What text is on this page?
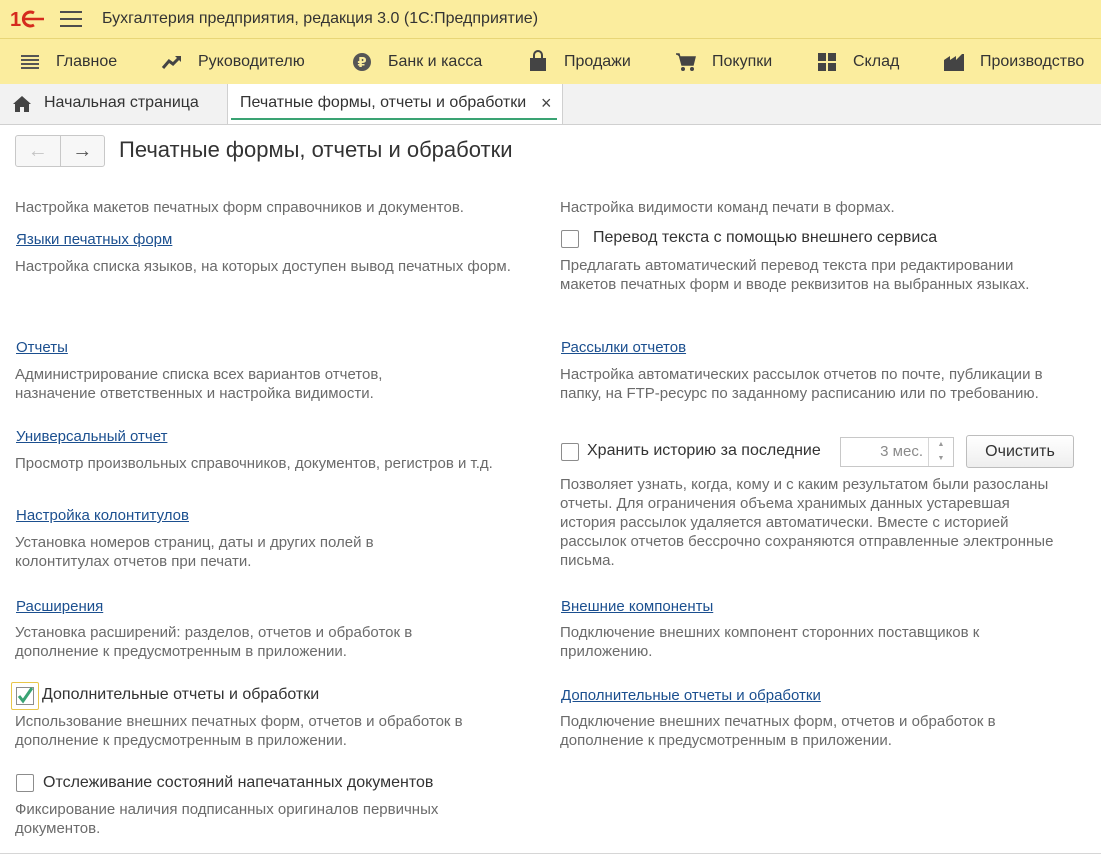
1	Бухгалтерия предприятия, редакция 3.0 (1С:Предприятие)
Главное	Руководителю	₽ Банк и касса	Продажи	Покупки	Склад	Производство
Начальная страница	Печатные формы, отчеты и обработки ×
←	→	Печатные формы, отчеты и обработки
Настройка макетов печатных форм справочников и документов.
Языки печатных форм
Настройка списка языков, на которых доступен вывод печатных форм.
Отчеты
Администрирование списка всех вариантов отчетов, назначение ответственных и настройка видимости.
Универсальный отчет
Просмотр произвольных справочников, документов, регистров и т.д.
Настройка колонтитулов
Установка номеров страниц, даты и других полей в колонтитулах отчетов при печати.
Расширения
Установка расширений: разделов, отчетов и обработок в дополнение к предусмотренным в приложении.
Дополнительные отчеты и обработки
Использование внешних печатных форм, отчетов и обработок в дополнение к предусмотренным в приложении.
Отслеживание состояний напечатанных документов
Фиксирование наличия подписанных оригиналов первичных документов.
Настройка видимости команд печати в формах.
Перевод текста с помощью внешнего сервиса
Предлагать автоматический перевод текста при редактировании макетов печатных форм и вводе реквизитов на выбранных языках.
Рассылки отчетов
Настройка автоматических рассылок отчетов по почте, публикации в папку, на FTP-ресурс по заданному расписанию или по требованию.
Хранить историю за последние	3 мес.	▲
▼	Очистить
Позволяет узнать, когда, кому и с каким результатом были разосланы отчеты. Для ограничения объема хранимых данных устаревшая история рассылок удаляется автоматически. Вместе с историей рассылок отчетов бессрочно сохраняются отправленные электронные письма.
Внешние компоненты
Подключение внешних компонент сторонних поставщиков к приложению.
Дополнительные отчеты и обработки
Подключение внешних печатных форм, отчетов и обработок в дополнение к предусмотренным в приложении.
